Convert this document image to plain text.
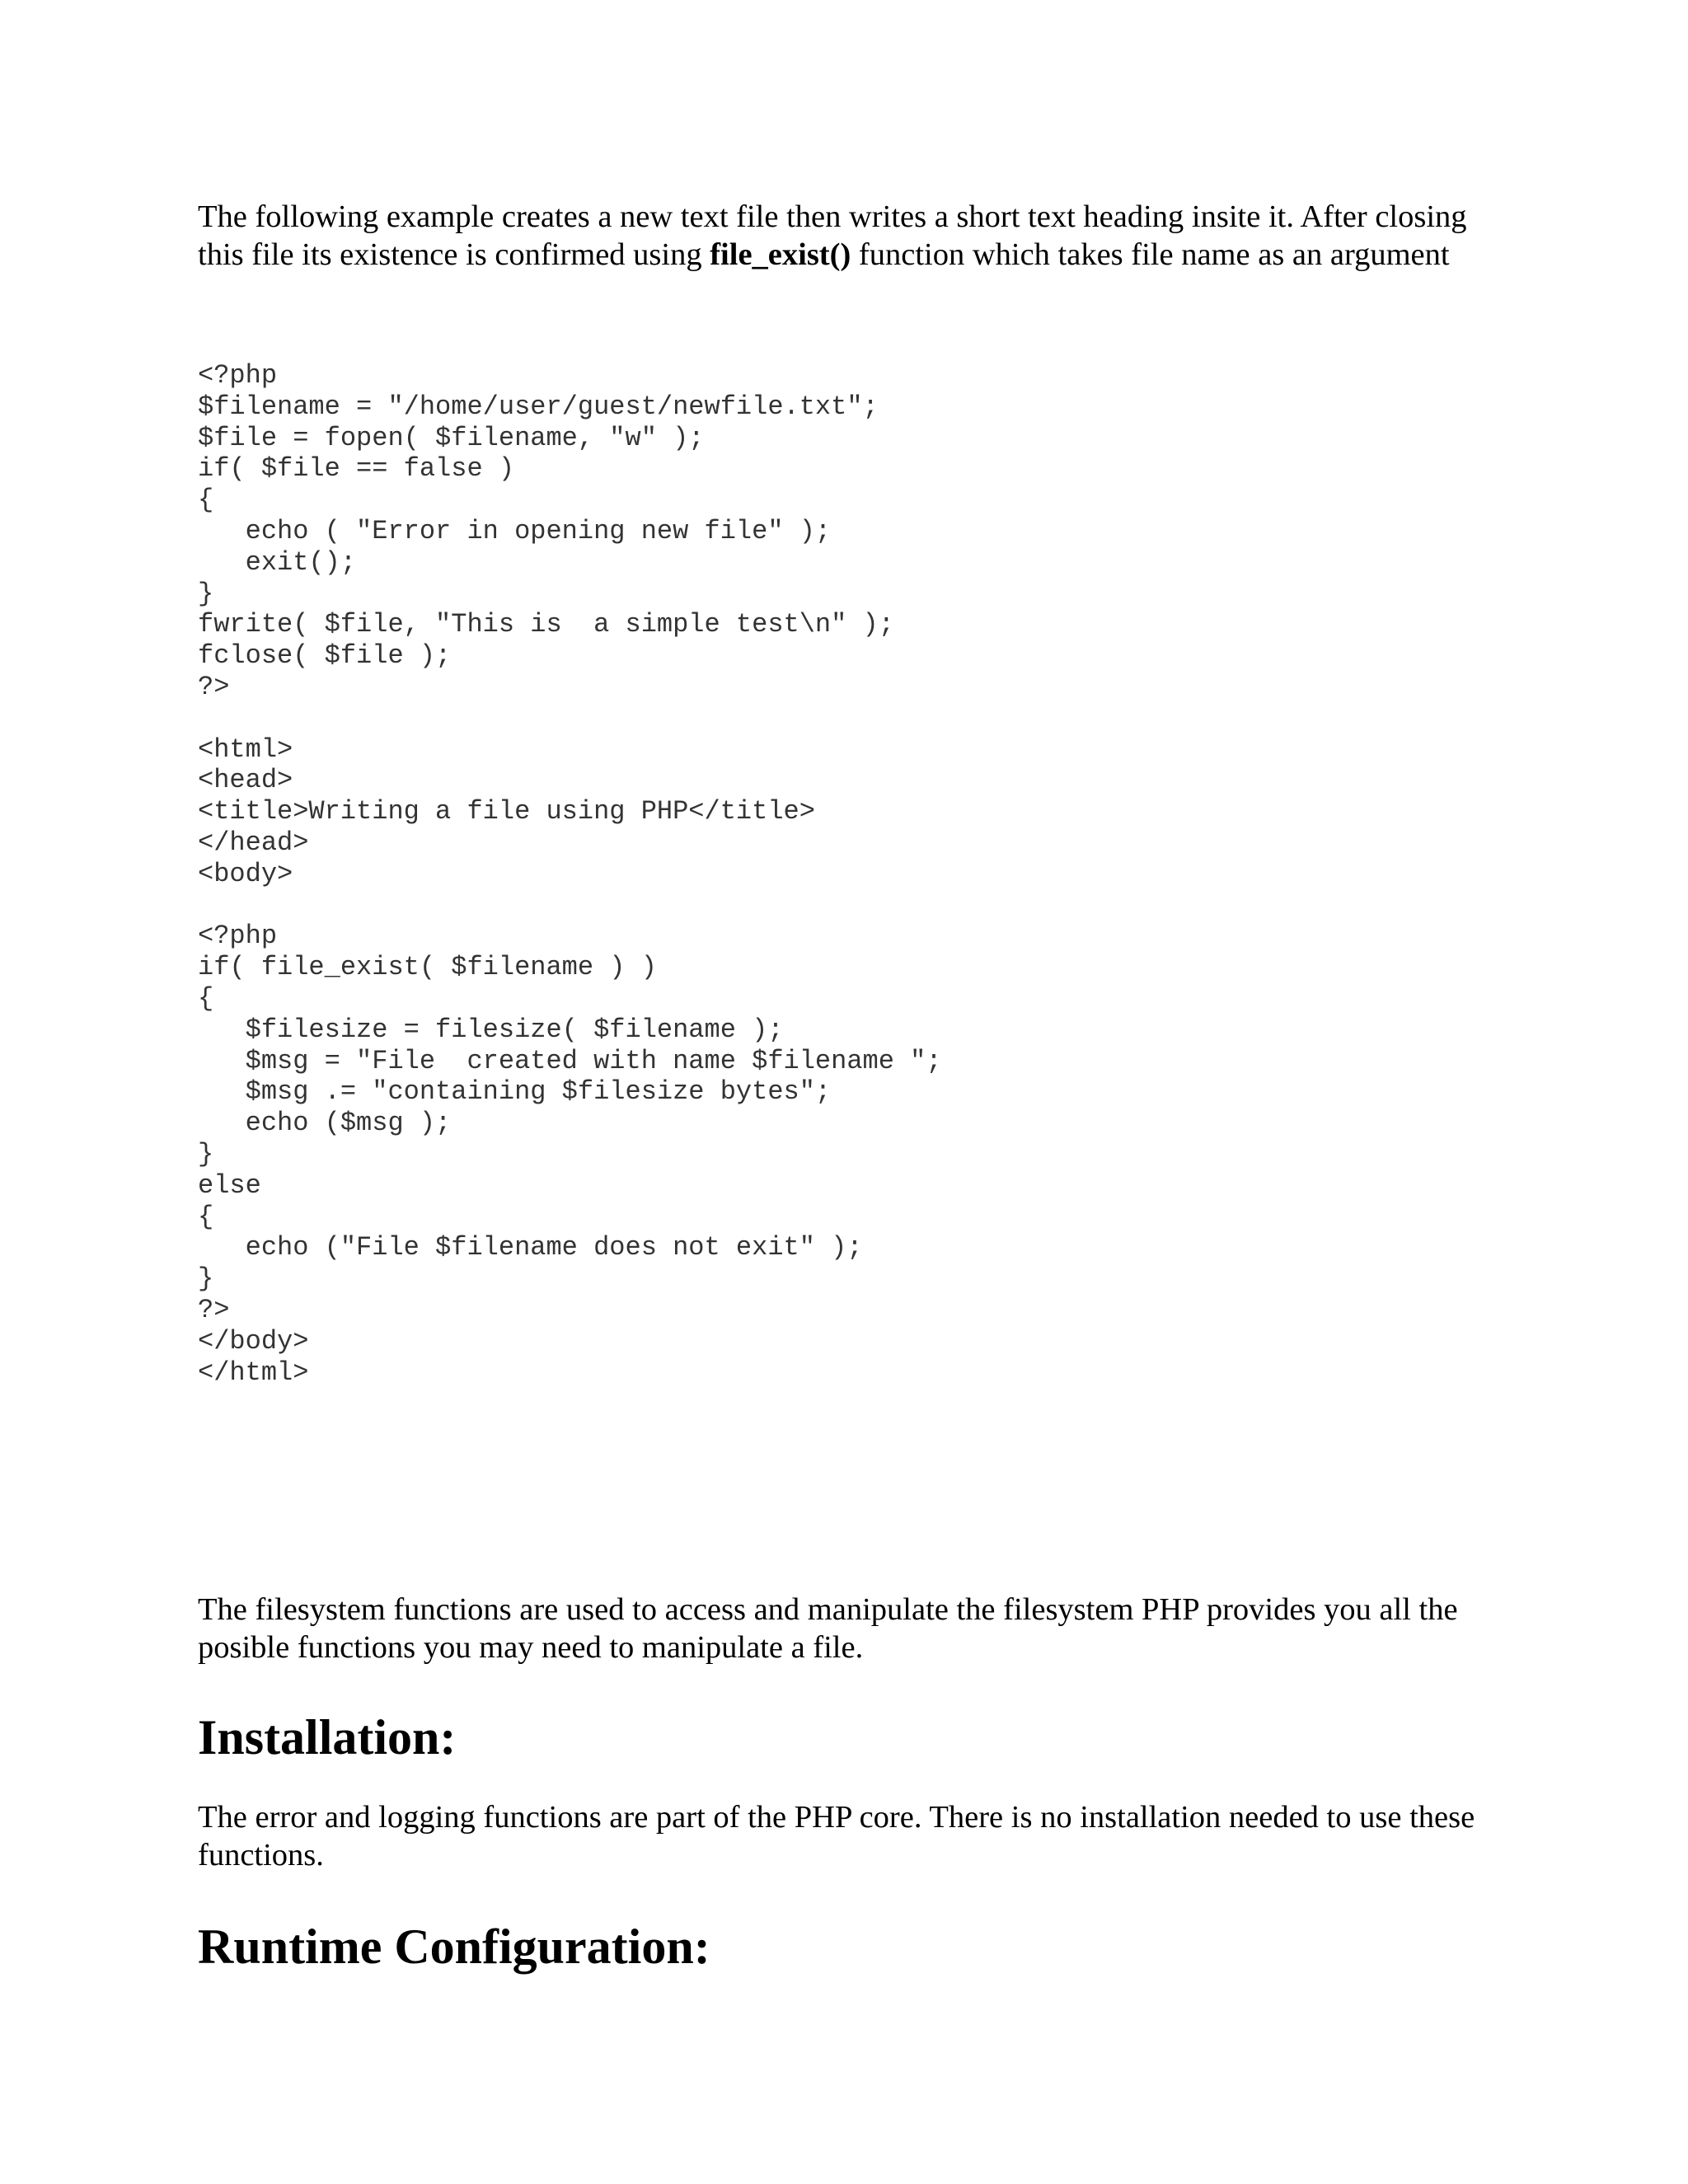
The following example creates a new text file then writes a short text heading insite it. After closing this file its existence is confirmed using file_exist() function which takes file name as an argument

<?php
$filename = "/home/user/guest/newfile.txt";
$file = fopen( $filename, "w" );
if( $file == false )
{
echo ( "Error in opening new file" );
exit();
}
fwrite( $file, "This is  a simple test\n" );
fclose( $file );
?>
<html>
<head>
<title>Writing a file using PHP</title>
</head>
<body>
<?php
if( file_exist( $filename ) )
{
$filesize = filesize( $filename );
$msg = "File  created with name $filename ";
$msg .= "containing $filesize bytes";
echo ($msg );
}
else
{
echo ("File $filename does not exit" );
}
?>
</body>
</html>

The filesystem functions are used to access and manipulate the filesystem PHP provides you all the posible functions you may need to manipulate a file.

Installation:

The error and logging functions are part of the PHP core. There is no installation needed to use these functions.

Runtime Configuration:
